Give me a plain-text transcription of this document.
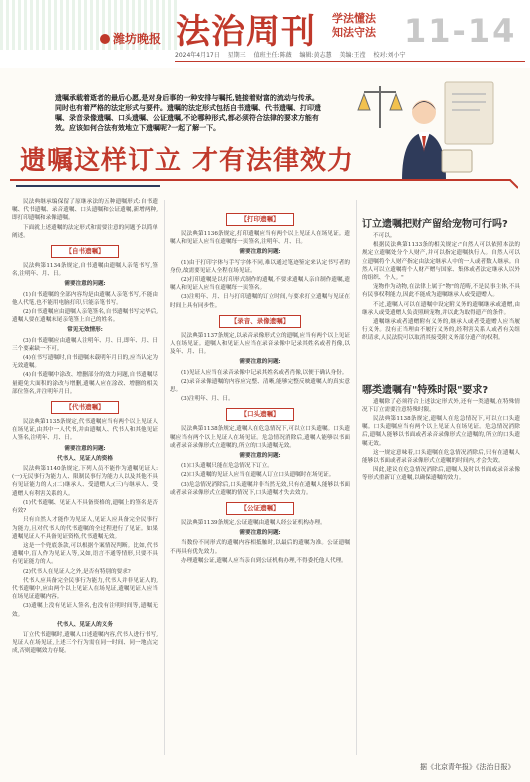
潍坊晚报 法治周刊 学法懂法
知法守法 11-14
2024年4月17日 星期三 值班主任:陈薇 编辑:黄志慧 美编:王滢 校对:刘小宁
遗嘱承载着逝者的最后心愿,是对身后事的一种安排与嘱托,链接着财富的流动与传承。同时也有着严格的法定形式与要件。遗嘱的法定形式包括自书遗嘱、代书遗嘱、打印遗嘱、录音录像遗嘱、口头遗嘱、公证遗嘱,不论哪种形式,都必须符合法律的要求方能有效。应该如何合法有效地立下遗嘱呢?一起了解一下。
遗嘱这样订立 才有法律效力

民法典继承编保留了原继承法的五种遗嘱形式:自书遗嘱、代书遗嘱、录音遗嘱、口头遗嘱和公证遗嘱,新增两种,即打印遗嘱和录像遗嘱。

下面就上述遗嘱的法定形式和需要注意的问题予以简单阐述。

【 自书遗嘱 】

民法典第1134条规定,自书遗嘱由遗嘱人亲笔书写,签名,注明年、月、日。

需要注意的问题:

(1)自书遗嘱的全部内容均是由遗嘱人亲笔书写,不能由他人代笔,也不能用电脑打印,只能亲笔书写。

(2)自书遗嘱应由遗嘱人亲笔签名,自书遗嘱书写完毕后,遗嘱人要在遗嘱末尾亲笔签上自己的姓名。

常见无效情形:

(3)自书遗嘱应由遗嘱人注明年、月、日,即年、月、日三个要素缺一不可。

(4)在书写遗嘱时,自书遗嘱未载明年月日的,应当认定为无效遗嘱。

(4)自书遗嘱中涂改、增删部分的效力问题,自书遗嘱尽量避免大面积的涂改与增删,遗嘱人应在涂改、增删的相关部位签名,并注明年月日。

【 代书遗嘱 】

民法典第1135条规定,代书遗嘱应当有两个以上见证人在场见证,由其中一人代书,并由遗嘱人、代书人和其他见证人签名,注明年、月、日。

需要注意的问题:

代书人、见证人的资格

民法典第1140条规定,下列人员不能作为遗嘱见证人:(一)无民事行为能力人、限制民事行为能力人以及其他不具有见证能力的人;(二)继承人、受遗赠人;(三)与继承人、受遗赠人有利害关系的人。

(1)代书遗嘱、见证人不具备资格的,遗嘱上的签名是否有效?

只有自然人才能作为见证人,见证人应具备完全民事行为能力,且对代书人的代书遗嘱的全过程进行了见证。如果遗嘱见证人不具备见证资格,代书遗嘱无效。

这是一个兜底条款,可以根据个案情况判断。比如,代书遗嘱中,盲人作为见证人等,又如,语言不通等情形,只要不具有见证能力的人。

(2)代书人在见证人之外,是否有特别的要求?

代书人应具备完全民事行为能力,代书人并非见证人的,代书遗嘱中,应由两个以上见证人在场见证,遗嘱见证人应当在场见证遗嘱内容。

(3)遗嘱上没有见证人签名,也没有注明时间等,遗嘱无效。

代书人、见证人的义务

订立代书遗嘱时,遗嘱人口述遗嘱内容,代书人进行书写,见证人在场见证,上述三个行为需在同一时间、同一地点完成,否则遗嘱效力存疑。

【 打印遗嘱 】

民法典第1136条规定,打印遗嘱应当有两个以上见证人在场见证。遗嘱人和见证人应当在遗嘱每一页签名,注明年、月、日。

需要注意的问题:

(1)由于打印字体与手写字体不同,难以通过笔迹鉴定来认定书写者的身份,故需要见证人全程在场见证。

(2)打印遗嘱是以打印形式制作的遗嘱,不要求遗嘱人亲自制作遗嘱,遗嘱人和见证人应当在遗嘱每一页签名。

(3)注明年、月、日与打印遗嘱的订立时间,与要求打立遗嘱与见证在时间上具有同步性。

【 录音、录像遗嘱 】

民法典第1137条规定,以录音录像形式立的遗嘱,应当有两个以上见证人在场见证。遗嘱人和见证人应当在录音录像中记录其姓名或者肖像,以及年、月、日。

需要注意的问题:

(1)见证人应当在录音录像中记录其姓名或者肖像,以便于确认身份。

(2)录音录像遗嘱的内容应完整、清晰,能够完整反映遗嘱人的真实意思。

(3)注明年、月、日。

【 口头遗嘱 】

民法典第1138条规定,遗嘱人在危急情况下,可以立口头遗嘱。口头遗嘱应当有两个以上见证人在场见证。危急情况消除后,遗嘱人能够以书面或者录音录像形式立遗嘱的,所立的口头遗嘱无效。

需要注意的问题:

(1)口头遗嘱只能在危急情况下订立。

(2)口头遗嘱的见证人应当在遗嘱人订立口头遗嘱时在场见证。

(3)危急情况消除后,口头遗嘱并非当然无效,只有在遗嘱人能够以书面或者录音录像形式立遗嘱的情况下,口头遗嘱才失去效力。

【 公证遗嘱 】

民法典第1139条规定,公证遗嘱由遗嘱人经公证机构办理。

需要注意的问题:

当数份不同形式的遗嘱内容相抵触时,以最后的遗嘱为准。公证遗嘱不再具有优先效力。

办理遗嘱公证,遗嘱人应当亲自到公证机构办理,不得委托他人代理。

订立遗嘱把财产留给宠物可行吗?

不可以。

根据民法典第1133条的相关规定:"自然人可以依照本法的规定立遗嘱处分个人财产,并可以指定遗嘱执行人。自然人可以立遗嘱将个人财产指定由法定继承人中的一人或者数人继承。自然人可以立遗嘱将个人财产赠与国家、集体或者法定继承人以外的组织、个人。"

宠物作为动物,在法律上属于"物"的范畴,不是民事主体,不具有民事权利能力,因此不能成为遗嘱继承人或受遗赠人。

不过,遗嘱人可以在遗嘱中设定附义务的遗嘱继承或遗赠,由继承人或受遗赠人负责照顾宠物,并以此为取得遗产的条件。

遗嘱继承或者遗赠附有义务的,继承人或者受遗赠人应当履行义务。没有正当理由不履行义务的,经利害关系人或者有关组织请求,人民法院可以取消其接受附义务部分遗产的权利。

哪类遗嘱有"特殊时限"要求?

遗嘱除了必须符合上述法定形式外,还有一类遗嘱,在特殊情况下订立需要注意特殊时限。

民法典第1138条规定,遗嘱人在危急情况下,可以立口头遗嘱。口头遗嘱应当有两个以上见证人在场见证。危急情况消除后,遗嘱人能够以书面或者录音录像形式立遗嘱的,所立的口头遗嘱无效。

这一规定意味着,口头遗嘱在危急情况消除后,只有在遗嘱人能够以书面或者录音录像形式立遗嘱的时间内,才会失效。

因此,建议在危急情况消除后,遗嘱人及时以书面或录音录像等形式重新订立遗嘱,以确保遗嘱的效力。

据《北京青年报》《法治日报》
